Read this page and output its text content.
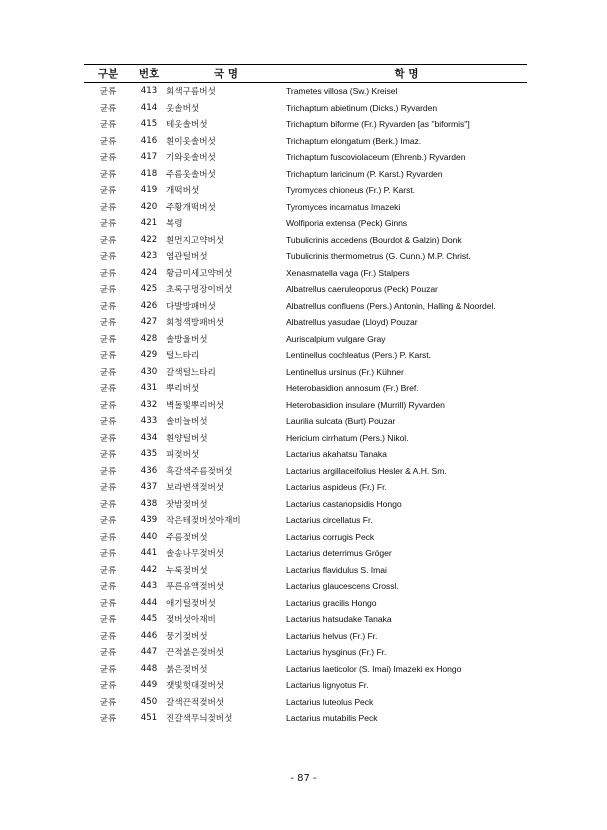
구분	번호	국 명	학 명
균류	413	회색구름버섯	Trametes villosa (Sw.) Kreisel
균류	414	옷솔버섯	Trichaptum abietinum (Dicks.) Ryvarden
균류	415	테옷솔버섯	Trichaptum biforme (Fr.) Ryvarden [as ''biformis'']
균류	416	흰이옷솔버섯	Trichaptum elongatum (Berk.) Imaz.
균류	417	기와옷솔버섯	Trichaptum fuscoviolaceum (Ehrenb.) Ryvarden
균류	418	주름옷솔버섯	Trichaptum laricinum (P. Karst.) Ryvarden
균류	419	개떡버섯	Tyromyces chioneus (Fr.) P. Karst.
균류	420	주황개떡버섯	Tyromyces incarnatus Imazeki
균류	421	복령	Wolfiporia extensa (Peck) Ginns
균류	422	흰먼지고약버섯	Tubulicrinis accedens (Bourdot & Galzin) Donk
균류	423	염관털버섯	Tubulicrinis thermometrus (G. Cunn.) M.P. Christ.
균류	424	황금미세고약버섯	Xenasmatella vaga (Fr.) Stalpers
균류	425	초록구멍장이버섯	Albatrellus caeruleoporus (Peck) Pouzar
균류	426	다발방패버섯	Albatrellus confluens (Pers.) Antonin, Halling & Noordel.
균류	427	회청색방패버섯	Albatrellus yasudae (Lloyd) Pouzar
균류	428	솔방울버섯	Auriscalpium vulgare Gray
균류	429	털느타리	Lentinellus cochleatus (Pers.) P. Karst.
균류	430	갈색털느타리	Lentinellus ursinus (Fr.) Kühner
균류	431	뿌리버섯	Heterobasidion annosum (Fr.) Bref.
균류	432	벽돌빛뿌리버섯	Heterobasidion insulare (Murrill) Ryvarden
균류	433	솔비늘버섯	Laurilia sulcata (Burt) Pouzar
균류	434	흰양털버섯	Hericium cirrhatum (Pers.) Nikol.
균류	435	피젖버섯	Lactarius akahatsu Tanaka
균류	436	흑갈색주름젖버섯	Lactarius argillaceifolius Hesler & A.H. Sm.
균류	437	보라변색젖버섯	Lactarius aspideus (Fr.) Fr.
균류	438	잣밤젖버섯	Lactarius castanopsidis Hongo
균류	439	작은테젖버섯아재비	Lactarius circellatus Fr.
균류	440	주름젖버섯	Lactarius corrugis Peck
균류	441	솔송나무젖버섯	Lactarius deterrimus Gröger
균류	442	누룩젖버섯	Lactarius flavidulus S. Imai
균류	443	푸른유액젖버섯	Lactarius glaucescens Crossl.
균류	444	애기털젖버섯	Lactarius gracilis Hongo
균류	445	젖버섯아재비	Lactarius hatsudake Tanaka
균류	446	뭉기젖버섯	Lactarius helvus (Fr.) Fr.
균류	447	끈적붉은젖버섯	Lactarius hysginus (Fr.) Fr.
균류	448	붉은젖버섯	Lactarius laeticolor (S. Imai) Imazeki ex Hongo
균류	449	잿빛헛대젖버섯	Lactarius lignyotus Fr.
균류	450	갈색끈적젖버섯	Lactarius luteolus Peck
균류	451	진갈색무늬젖버섯	Lactarius mutabilis Peck
- 87 -
